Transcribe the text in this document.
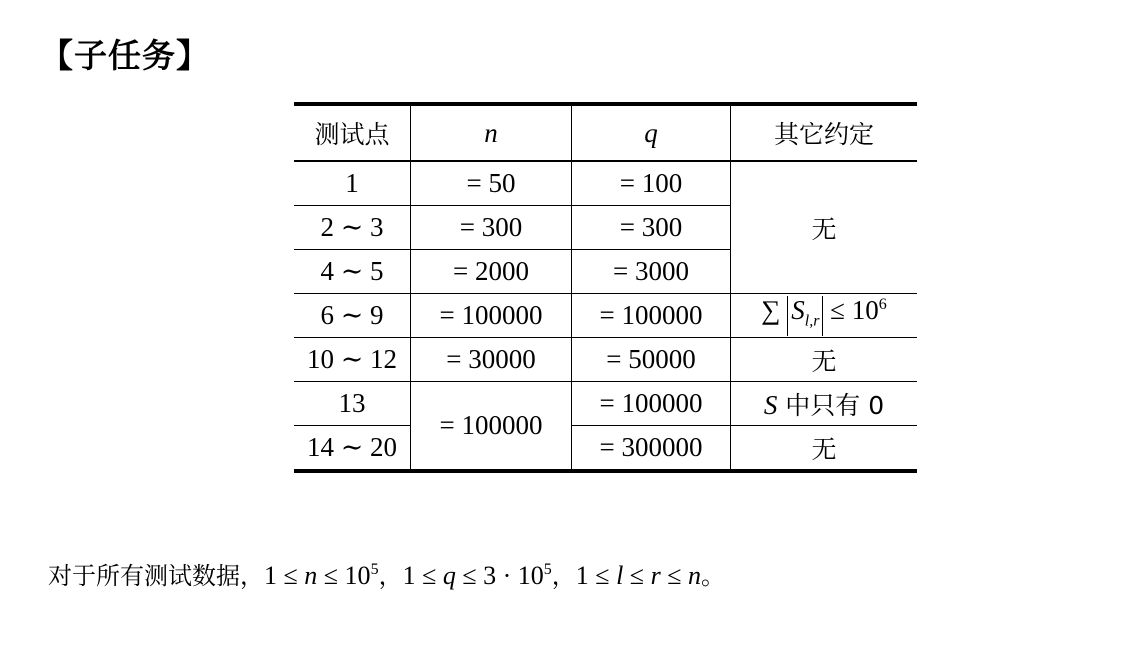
【子任务】
测试点	n	q	其它约定
1	= 50	= 100	无
2 ∼ 3	= 300	= 300	
4 ∼ 5	= 2000	= 3000	
6 ∼ 9	= 100000	= 100000	∑ $S_{l,r} \le 10^6$
10 ∼ 12	= 30000	= 50000	无
13	= 100000	= 100000	S 中只有 0
14 ∼ 20		= 300000	无
对于所有测试数据，$1 \le n \le 10^5$，$1 \le q \le 3 \cdot 10^5$，1 ≤ l ≤ r ≤ n。
